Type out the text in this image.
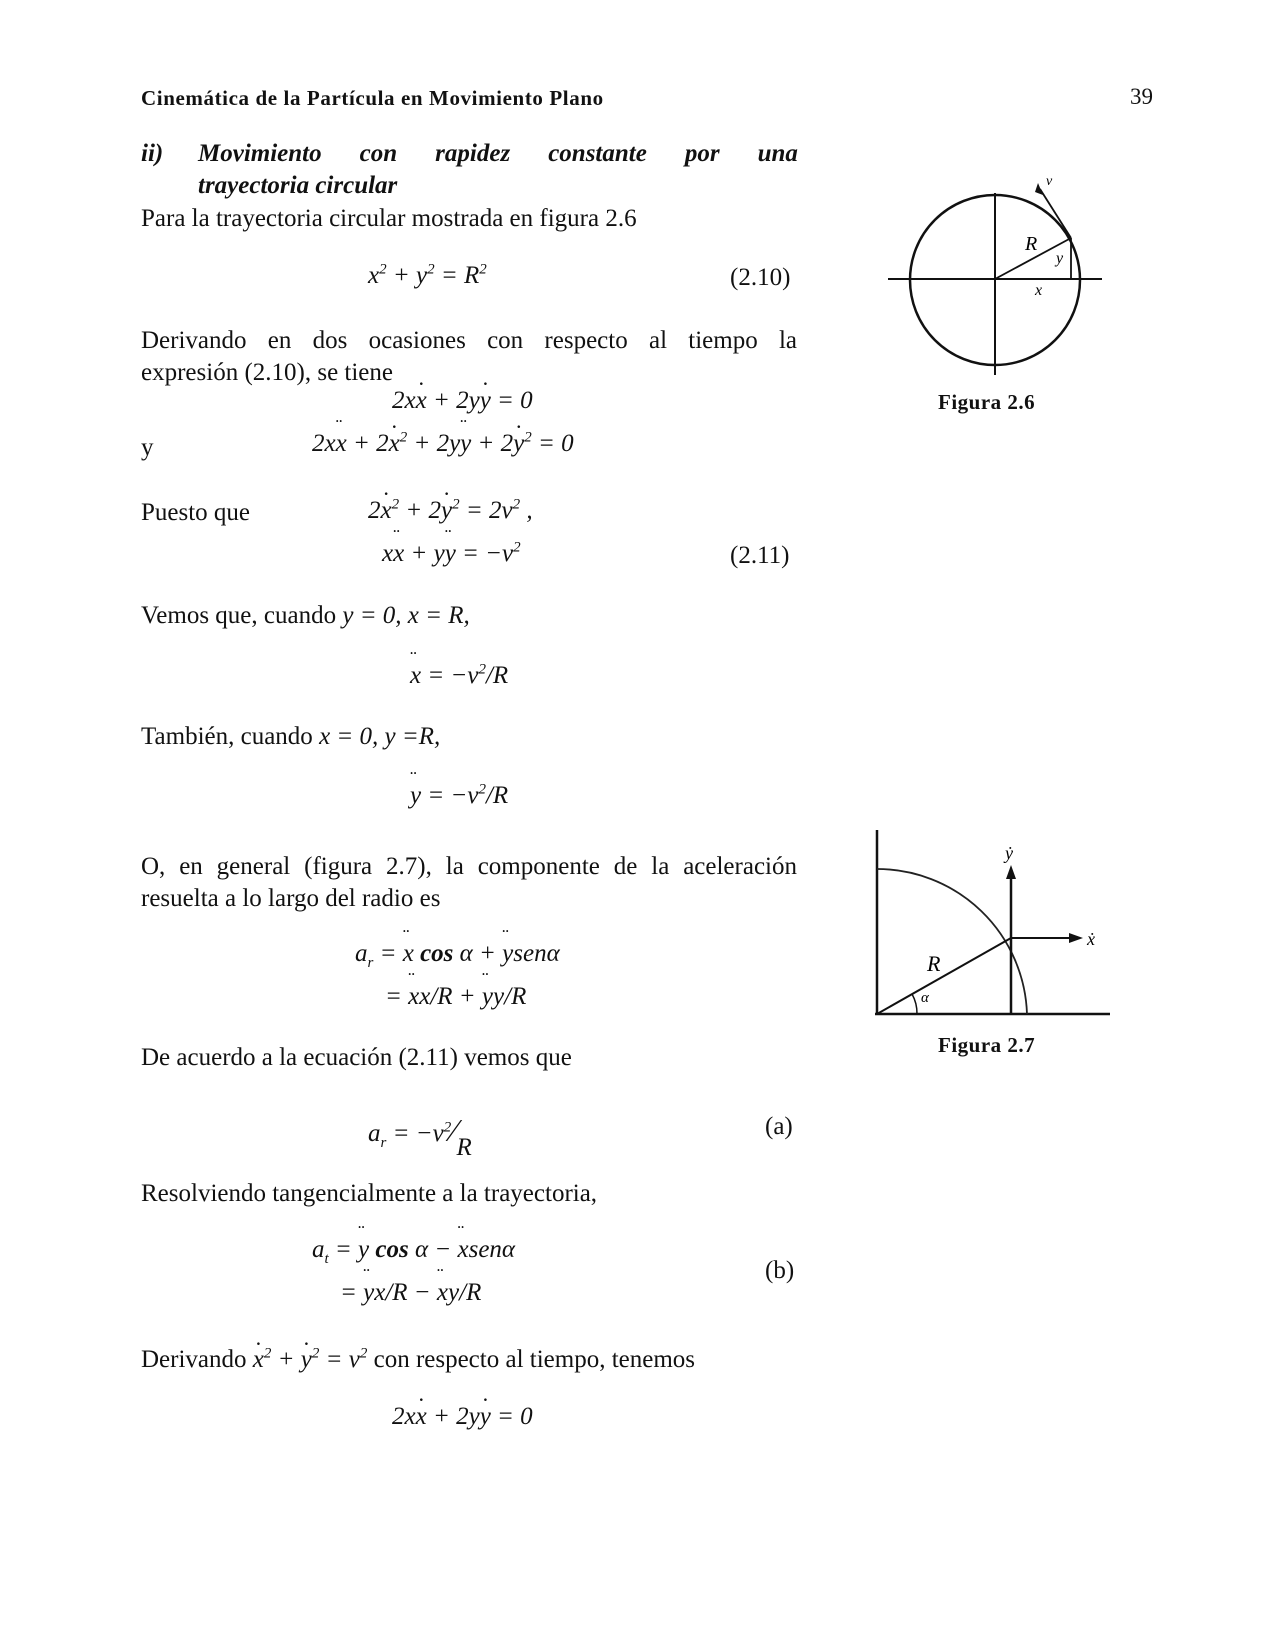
Cinemática de la Partícula en Movimiento Plano	39
ii) Movimiento con rapidez constante por una
trayectoria circular
Para la trayectoria circular mostrada en figura 2.6
$x^2 + y^2 = R^2$	(2.10)
Derivando en dos ocasiones con respecto al tiempo la
expresión (2.10), se tiene
2xx · + 2yy · = 0
y	2xx ¨ + 2x ·$^2$ + 2yy ¨ + 2y ·$^2$ = 0
Puesto que	$2x \cdot^2 + 2y \cdot^2 = 2v^2$ ,
xx ¨ + yy ¨ = $-v^2$	(2.11)
Vemos que, cuando y = 0, x = R,
x ¨ = $-v^2/R$
También, cuando x = 0, y =R,
y ¨ = $-v^2/R$
O, en general (figura 2.7), la componente de la aceleración
resuelta a lo largo del radio es
$a_r = x$ ¨ cos α + y ¨senα
= x ¨x/R + y ¨y/R
De acuerdo a la ecuación (2.11) vemos que
$a_r$ = $-v^2⁄R$
(a)
Resolviendo tangencialmente a la trayectoria,
$a_t = y$ ¨ cos α − x ¨senα
= y ¨x/R − x ¨y/R
(b)
Derivando $x \cdot^2 + y \cdot^2 = v^2$ con respecto al tiempo, tenemos
2xx · + 2yy · = 0
R
y
x
v
Figura 2.6
R
α
ẏ
ẋ
Figura 2.7
